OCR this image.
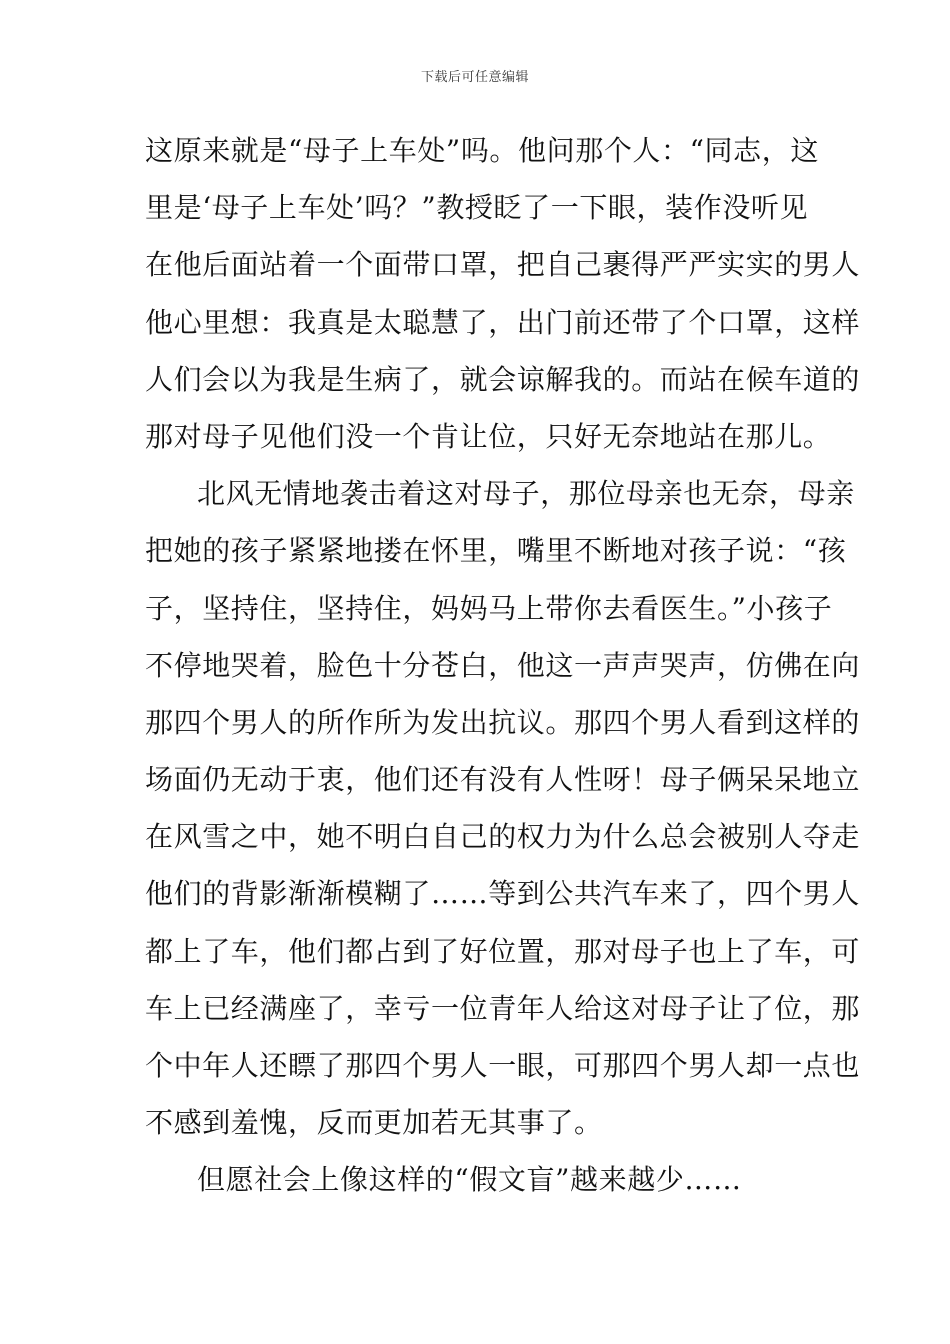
下载后可任意编辑
这原来就是“母子上车处”吗。他问那个人：“同志，这
里是‘母子上车处’吗？”教授眨了一下眼，装作没听见
在他后面站着一个面带口罩，把自己裹得严严实实的男人
他心里想：我真是太聪慧了，出门前还带了个口罩，这样
人们会以为我是生病了，就会谅解我的。而站在候车道的
那对母子见他们没一个肯让位，只好无奈地站在那儿。
北风无情地袭击着这对母子，那位母亲也无奈，母亲
把她的孩子紧紧地搂在怀里，嘴里不断地对孩子说：“孩
子，坚持住，坚持住，妈妈马上带你去看医生。”小孩子
不停地哭着，脸色十分苍白，他这一声声哭声，仿佛在向
那四个男人的所作所为发出抗议。那四个男人看到这样的
场面仍无动于衷，他们还有没有人性呀！母子俩呆呆地立
在风雪之中，她不明白自己的权力为什么总会被别人夺走
他们的背影渐渐模糊了……等到公共汽车来了，四个男人
都上了车，他们都占到了好位置，那对母子也上了车，可
车上已经满座了，幸亏一位青年人给这对母子让了位，那
个中年人还瞟了那四个男人一眼，可那四个男人却一点也
不感到羞愧，反而更加若无其事了。
但愿社会上像这样的“假文盲”越来越少……
